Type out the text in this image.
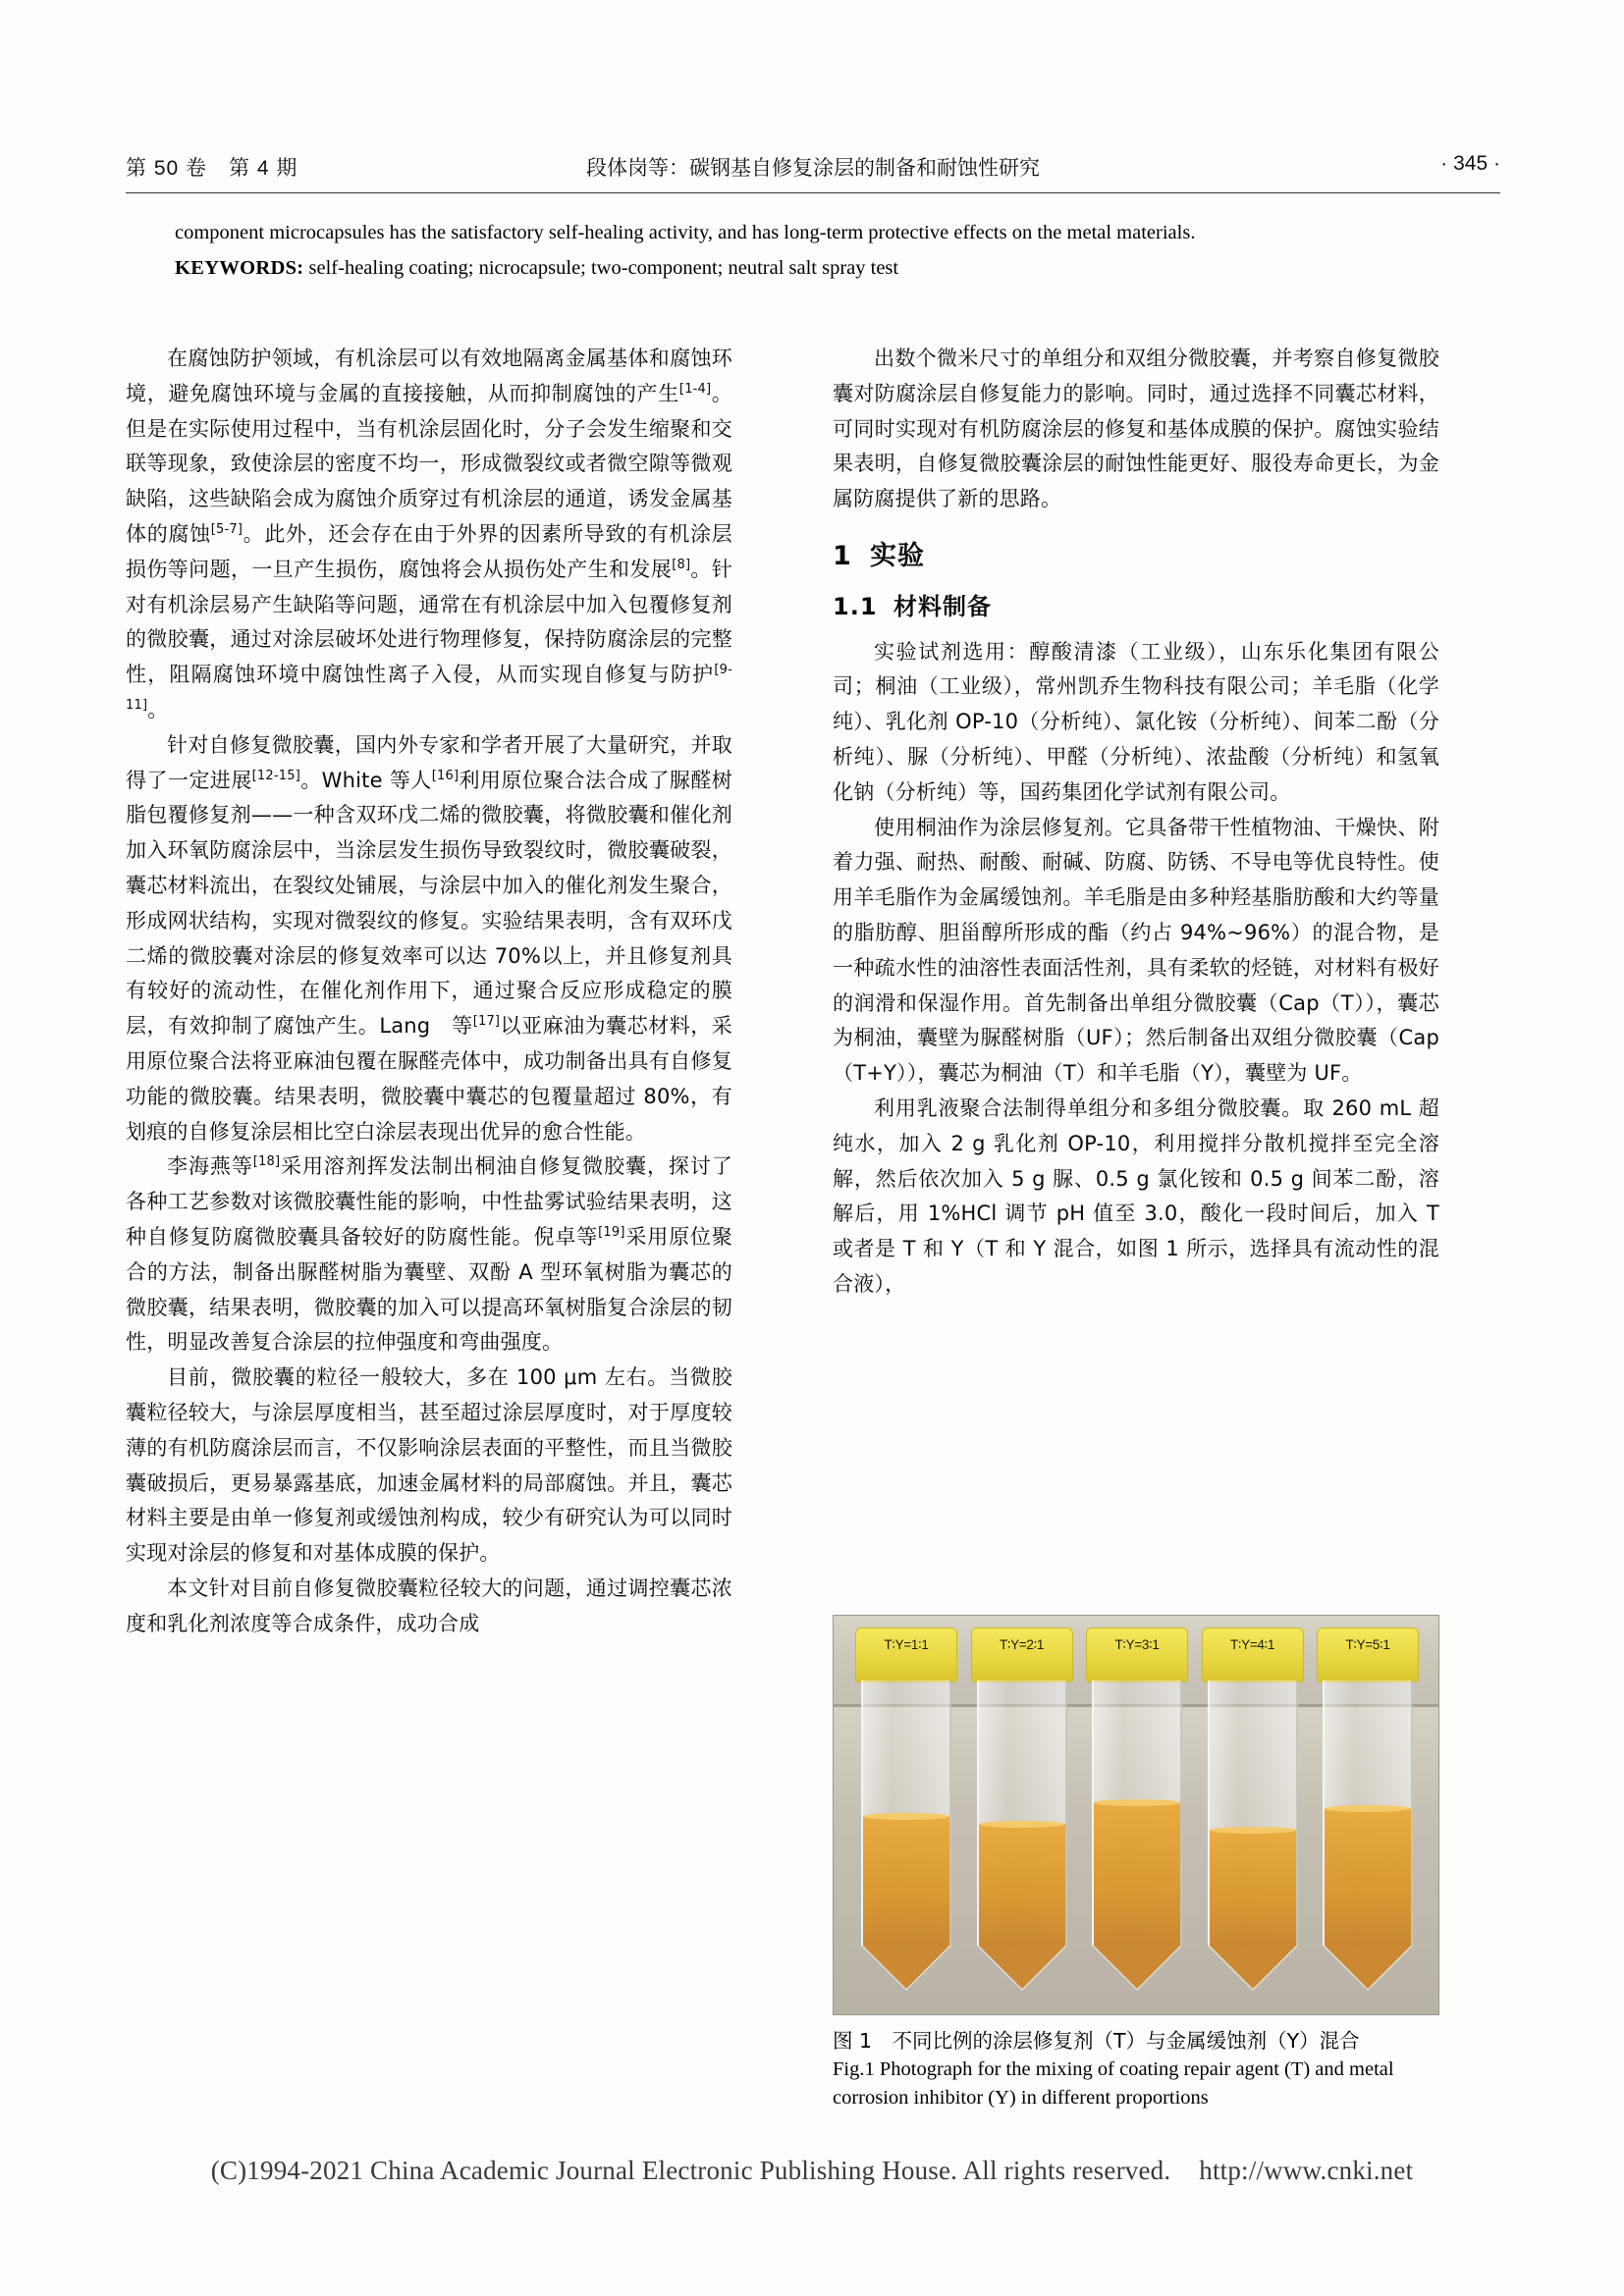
第 50 卷　第 4 期	段体岗等：碳钢基自修复涂层的制备和耐蚀性研究	· 345 ·
component microcapsules has the satisfactory self-healing activity, and has long-term protective effects on the metal materials.
KEYWORDS: self-healing coating; nicrocapsule; two-component; neutral salt spray test

在腐蚀防护领域，有机涂层可以有效地隔离金属基体和腐蚀环境，避免腐蚀环境与金属的直接接触，从而抑制腐蚀的产生[1-4]。但是在实际使用过程中，当有机涂层固化时，分子会发生缩聚和交联等现象，致使涂层的密度不均一，形成微裂纹或者微空隙等微观缺陷，这些缺陷会成为腐蚀介质穿过有机涂层的通道，诱发金属基体的腐蚀[5-7]。此外，还会存在由于外界的因素所导致的有机涂层损伤等问题，一旦产生损伤，腐蚀将会从损伤处产生和发展[8]。针对有机涂层易产生缺陷等问题，通常在有机涂层中加入包覆修复剂的微胶囊，通过对涂层破坏处进行物理修复，保持防腐涂层的完整性，阻隔腐蚀环境中腐蚀性离子入侵，从而实现自修复与防护[9-11]。

针对自修复微胶囊，国内外专家和学者开展了大量研究，并取得了一定进展[12-15]。White 等人[16]利用原位聚合法合成了脲醛树脂包覆修复剂——一种含双环戊二烯的微胶囊，将微胶囊和催化剂加入环氧防腐涂层中，当涂层发生损伤导致裂纹时，微胶囊破裂，囊芯材料流出，在裂纹处铺展，与涂层中加入的催化剂发生聚合，形成网状结构，实现对微裂纹的修复。实验结果表明，含有双环戊二烯的微胶囊对涂层的修复效率可以达 70%以上，并且修复剂具有较好的流动性，在催化剂作用下，通过聚合反应形成稳定的膜层，有效抑制了腐蚀产生。Lang　等[17]以亚麻油为囊芯材料，采用原位聚合法将亚麻油包覆在脲醛壳体中，成功制备出具有自修复功能的微胶囊。结果表明，微胶囊中囊芯的包覆量超过 80%，有划痕的自修复涂层相比空白涂层表现出优异的愈合性能。

李海燕等[18]采用溶剂挥发法制出桐油自修复微胶囊，探讨了各种工艺参数对该微胶囊性能的影响，中性盐雾试验结果表明，这种自修复防腐微胶囊具备较好的防腐性能。倪卓等[19]采用原位聚合的方法，制备出脲醛树脂为囊壁、双酚 A 型环氧树脂为囊芯的微胶囊，结果表明，微胶囊的加入可以提高环氧树脂复合涂层的韧性，明显改善复合涂层的拉伸强度和弯曲强度。

目前，微胶囊的粒径一般较大，多在 100 μm 左右。当微胶囊粒径较大，与涂层厚度相当，甚至超过涂层厚度时，对于厚度较薄的有机防腐涂层而言，不仅影响涂层表面的平整性，而且当微胶囊破损后，更易暴露基底，加速金属材料的局部腐蚀。并且，囊芯材料主要是由单一修复剂或缓蚀剂构成，较少有研究认为可以同时实现对涂层的修复和对基体成膜的保护。

本文针对目前自修复微胶囊粒径较大的问题，通过调控囊芯浓度和乳化剂浓度等合成条件，成功合成

出数个微米尺寸的单组分和双组分微胶囊，并考察自修复微胶囊对防腐涂层自修复能力的影响。同时，通过选择不同囊芯材料，可同时实现对有机防腐涂层的修复和基体成膜的保护。腐蚀实验结果表明，自修复微胶囊涂层的耐蚀性能更好、服役寿命更长，为金属防腐提供了新的思路。

1 实验
1.1 材料制备

实验试剂选用：醇酸清漆（工业级），山东乐化集团有限公司；桐油（工业级），常州凯乔生物科技有限公司；羊毛脂（化学纯）、乳化剂 OP-10（分析纯）、氯化铵（分析纯）、间苯二酚（分析纯）、脲（分析纯）、甲醛（分析纯）、浓盐酸（分析纯）和氢氧化钠（分析纯）等，国药集团化学试剂有限公司。

使用桐油作为涂层修复剂。它具备带干性植物油、干燥快、附着力强、耐热、耐酸、耐碱、防腐、防锈、不导电等优良特性。使用羊毛脂作为金属缓蚀剂。羊毛脂是由多种羟基脂肪酸和大约等量的脂肪醇、胆甾醇所形成的酯（约占 94%~96%）的混合物，是一种疏水性的油溶性表面活性剂，具有柔软的烃链，对材料有极好的润滑和保湿作用。首先制备出单组分微胶囊（Cap（T）），囊芯为桐油，囊壁为脲醛树脂（UF）；然后制备出双组分微胶囊（Cap（T+Y）），囊芯为桐油（T）和羊毛脂（Y），囊壁为 UF。

利用乳液聚合法制得单组分和多组分微胶囊。取 260 mL 超纯水，加入 2 g 乳化剂 OP-10，利用搅拌分散机搅拌至完全溶解，然后依次加入 5 g 脲、0.5 g 氯化铵和 0.5 g 间苯二酚，溶解后，用 1%HCl 调节 pH 值至 3.0，酸化一段时间后，加入 T 或者是 T 和 Y（T 和 Y 混合，如图 1 所示，选择具有流动性的混合液），

T∶Y=1∶1	T∶Y=2∶1	T∶Y=3∶1	T∶Y=4∶1	T∶Y=5∶1
图 1　不同比例的涂层修复剂（T）与金属缓蚀剂（Y）混合
Fig.1 Photograph for the mixing of coating repair agent (T) and metal corrosion inhibitor (Y) in different proportions
(C)1994-2021 China Academic Journal Electronic Publishing House. All rights reserved. http://www.cnki.net
